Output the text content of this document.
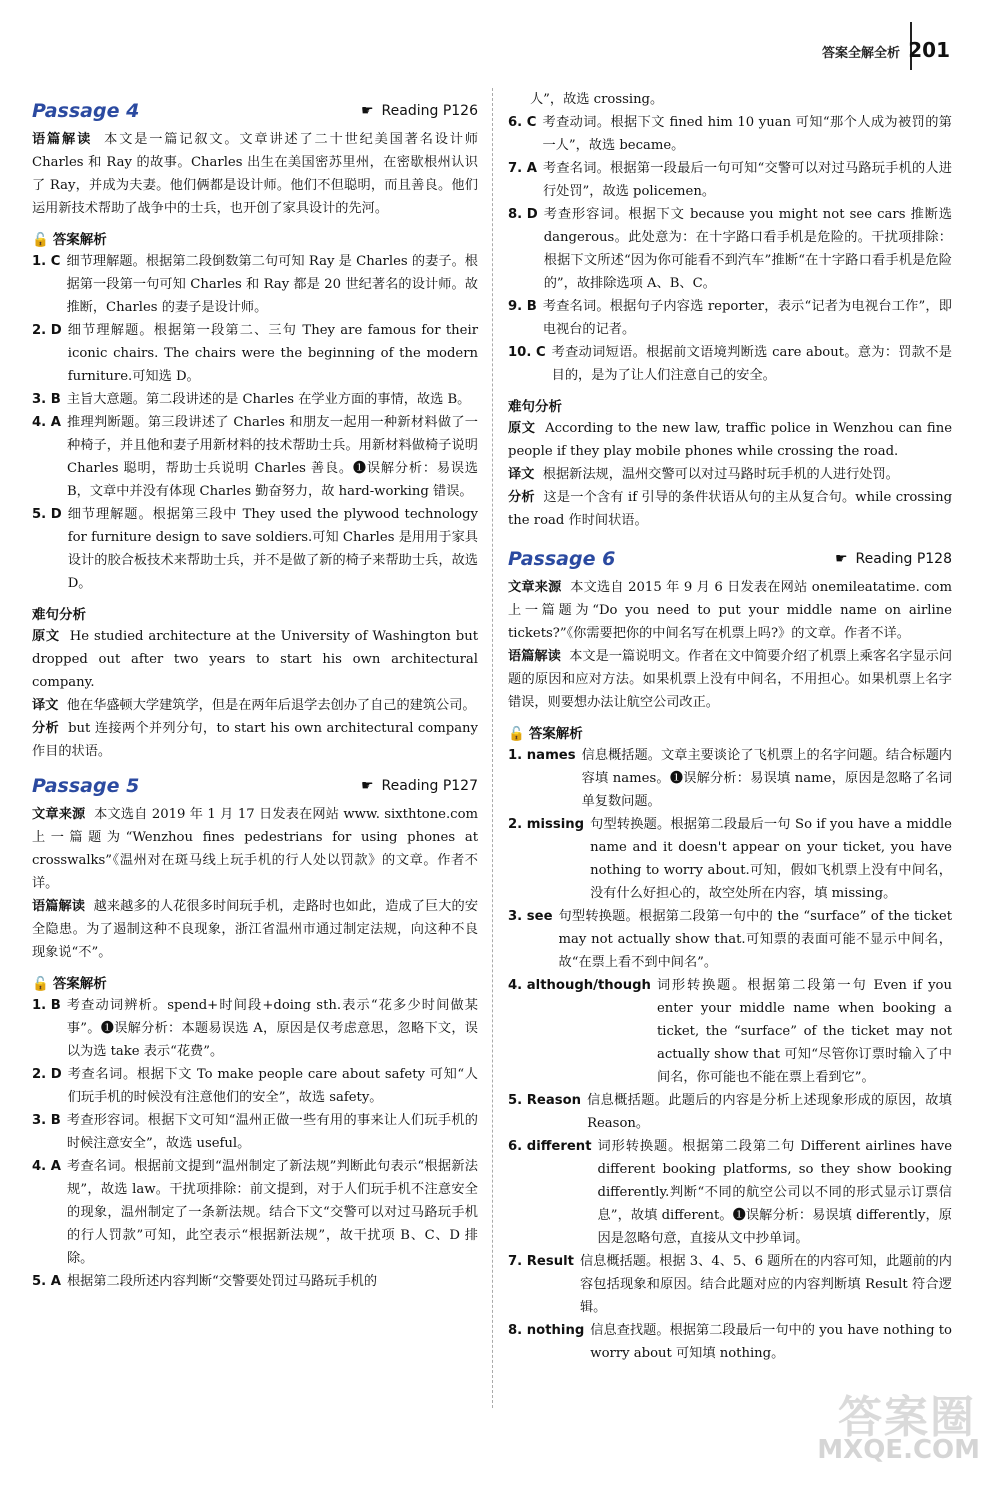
答案全解全析 201
Passage 4	☛ Reading P126

语篇解读 本文是一篇记叙文。文章讲述了二十世纪美国著名设计师 Charles 和 Ray 的故事。Charles 出生在美国密苏里州，在密歇根州认识了 Ray，并成为夫妻。他们俩都是设计师。他们不但聪明，而且善良。他们运用新技术帮助了战争中的士兵，也开创了家具设计的先河。

🔓 答案解析
1. C 细节理解题。根据第二段倒数第二句可知 Ray 是 Charles 的妻子。根据第一段第一句可知 Charles 和 Ray 都是 20 世纪著名的设计师。故推断，Charles 的妻子是设计师。
2. D 细节理解题。根据第一段第二、三句 They are famous for their iconic chairs. The chairs were the beginning of the modern furniture.可知选 D。
3. B 主旨大意题。第二段讲述的是 Charles 在学业方面的事情，故选 B。
4. A 推理判断题。第三段讲述了 Charles 和朋友一起用一种新材料做了一种椅子，并且他和妻子用新材料的技术帮助士兵。用新材料做椅子说明 Charles 聪明，帮助士兵说明 Charles 善良。❶误解分析：易误选 B，文章中并没有体现 Charles 勤奋努力，故 hard-working 错误。
5. D 细节理解题。根据第三段中 They used the plywood technology for furniture design to save soldiers.可知 Charles 是用用于家具设计的胶合板技术来帮助士兵，并不是做了新的椅子来帮助士兵，故选 D。
难句分析

原文 He studied architecture at the University of Washington but dropped out after two years to start his own architectural company.

译文 他在华盛顿大学建筑学，但是在两年后退学去创办了自己的建筑公司。

分析 but 连接两个并列分句，to start his own architectural company 作目的状语。

Passage 5	☛ Reading P127

文章来源 本文选自 2019 年 1 月 17 日发表在网站 www. sixthtone.com 上一篇题为“Wenzhou fines pedestrians for using phones at crosswalks”《温州对在斑马线上玩手机的行人处以罚款》的文章。作者不详。

语篇解读 越来越多的人花很多时间玩手机，走路时也如此，造成了巨大的安全隐患。为了遏制这种不良现象，浙江省温州市通过制定法规，向这种不良现象说“不”。

🔓 答案解析
1. B 考查动词辨析。spend+时间段+doing sth.表示“花多少时间做某事”。❶误解分析：本题易误选 A，原因是仅考虑意思，忽略下文，误以为选 take 表示“花费”。
2. D 考查名词。根据下文 To make people care about safety 可知“人们玩手机的时候没有注意他们的安全”，故选 safety。
3. B 考查形容词。根据下文可知“温州正做一些有用的事来让人们玩手机的时候注意安全”，故选 useful。
4. A 考查名词。根据前文提到“温州制定了新法规”判断此句表示“根据新法规”，故选 law。干扰项排除：前文提到，对于人们玩手机不注意安全的现象，温州制定了一条新法规。结合下文“交警可以对过马路玩手机的行人罚款”可知，此空表示“根据新法规”，故干扰项 B、C、D 排除。
5. A 根据第二段所述内容判断“交警要处罚过马路玩手机的

人”，故选 crossing。

6. C 考查动词。根据下文 fined him 10 yuan 可知“那个人成为被罚的第一人”，故选 became。
7. A 考查名词。根据第一段最后一句可知“交警可以对过马路玩手机的人进行处罚”，故选 policemen。
8. D 考查形容词。根据下文 because you might not see cars 推断选 dangerous。此处意为：在十字路口看手机是危险的。干扰项排除：根据下文所述“因为你可能看不到汽车”推断“在十字路口看手机是危险的”，故排除选项 A、B、C。
9. B 考查名词。根据句子内容选 reporter，表示“记者为电视台工作”，即电视台的记者。
10. C 考查动词短语。根据前文语境判断选 care about。意为：罚款不是目的，是为了让人们注意自己的安全。
难句分析

原文 According to the new law, traffic police in Wenzhou can fine people if they play mobile phones while crossing the road.

译文 根据新法规，温州交警可以对过马路时玩手机的人进行处罚。

分析 这是一个含有 if 引导的条件状语从句的主从复合句。while crossing the road 作时间状语。

Passage 6	☛ Reading P128

文章来源 本文选自 2015 年 9 月 6 日发表在网站 onemileatatime. com 上一篇题为“Do you need to put your middle name on airline tickets?”《你需要把你的中间名写在机票上吗?》的文章。作者不详。

语篇解读 本文是一篇说明文。作者在文中简要介绍了机票上乘客名字显示问题的原因和应对方法。如果机票上没有中间名，不用担心。如果机票上名字错误，则要想办法让航空公司改正。

🔓 答案解析
1. names 信息概括题。文章主要谈论了飞机票上的名字问题。结合标题内容填 names。❶误解分析：易误填 name，原因是忽略了名词单复数问题。
2. missing 句型转换题。根据第二段最后一句 So if you have a middle name and it doesn't appear on your ticket, you have nothing to worry about.可知，假如飞机票上没有中间名，没有什么好担心的，故空处所在内容，填 missing。
3. see 句型转换题。根据第二段第一句中的 the “surface” of the ticket may not actually show that.可知票的表面可能不显示中间名，故“在票上看不到中间名”。
4. although/though 词形转换题。根据第二段第一句 Even if you enter your middle name when booking a ticket, the “surface” of the ticket may not actually show that 可知“尽管你订票时输入了中间名，你可能也不能在票上看到它”。
5. Reason 信息概括题。此题后的内容是分析上述现象形成的原因，故填 Reason。
6. different 词形转换题。根据第二段第二句 Different airlines have different booking platforms, so they show booking differently.判断“不同的航空公司以不同的形式显示订票信息”，故填 different。❶误解分析：易误填 differently，原因是忽略句意，直接从文中抄单词。
7. Result 信息概括题。根据 3、4、5、6 题所在的内容可知，此题前的内容包括现象和原因。结合此题对应的内容判断填 Result 符合逻辑。
8. nothing 信息查找题。根据第二段最后一句中的 you have nothing to worry about 可知填 nothing。
答案圈
MXQE.COM
